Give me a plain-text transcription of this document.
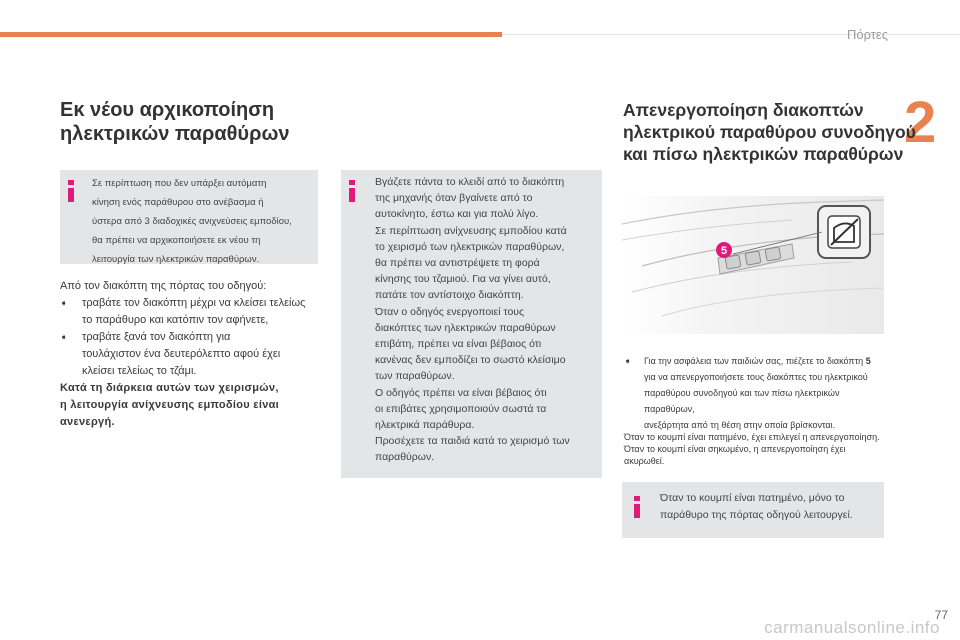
Πόρτες
2
Εκ νέου αρχικοποίηση
ηλεκτρικών παραθύρων

Σε περίπτωση που δεν υπάρξει αυτόματη

κίνηση ενός παράθυρου στο ανέβασμα ή

ύστερα από 3 διαδοχικές ανιχνεύσεις εμποδίου,

θα πρέπει να αρχικοποιήσετε εκ νέου τη

λειτουργία των ηλεκτρικών παραθύρων.

Από τον διακόπτη της πόρτας του οδηγού:

➧ τραβάτε τον διακόπτη μέχρι να κλείσει τελείως

το παράθυρο και κατόπιν τον αφήνετε,

➧ τραβάτε ξανά τον διακόπτη για

τουλάχιστον ένα δευτερόλεπτο αφού έχει

κλείσει τελείως το τζάμι.

Κατά τη διάρκεια αυτών των χειρισμών,

η λειτουργία ανίχνευσης εμποδίου είναι

ανενεργή.

Βγάζετε πάντα το κλειδί από το διακόπτη

της μηχανής όταν βγαίνετε από το

αυτοκίνητο, έστω και για πολύ λίγο.

Σε περίπτωση ανίχνευσης εμποδίου κατά

το χειρισμό των ηλεκτρικών παραθύρων,

θα πρέπει να αντιστρέψετε τη φορά

κίνησης του τζαμιού. Για να γίνει αυτό,

πατάτε τον αντίστοιχο διακόπτη.

Όταν ο οδηγός ενεργοποιεί τους

διακόπτες των ηλεκτρικών παραθύρων

επιβάτη, πρέπει να είναι βέβαιος ότι

κανένας δεν εμποδίζει το σωστό κλείσιμο

των παραθύρων.

Ο οδηγός πρέπει να είναι βέβαιος ότι

οι επιβάτες χρησιμοποιούν σωστά τα

ηλεκτρικά παράθυρα.

Προσέχετε τα παιδιά κατά το χειρισμό των

παραθύρων.

Απενεργοποίηση διακοπτών
ηλεκτρικού παραθύρου συνοδηγού
και πίσω ηλεκτρικών παραθύρων
5
➧ Για την ασφάλεια των παιδιών σας, πιέζετε το διακόπτη 5

για να απενεργοποιήσετε τους διακόπτες του ηλεκτρικού

παραθύρου συνοδηγού και των πίσω ηλεκτρικών παραθύρων,

ανεξάρτητα από τη θέση στην οποία βρίσκονται.

Όταν το κουμπί είναι πατημένο, έχει επιλεγεί η απενεργοποίηση.

Όταν το κουμπί είναι σηκωμένο, η απενεργοποίηση έχει

ακυρωθεί.

Όταν το κουμπί είναι πατημένο, μόνο το

παράθυρο της πόρτας οδηγού λειτουργεί.

77
carmanualsonline.info
